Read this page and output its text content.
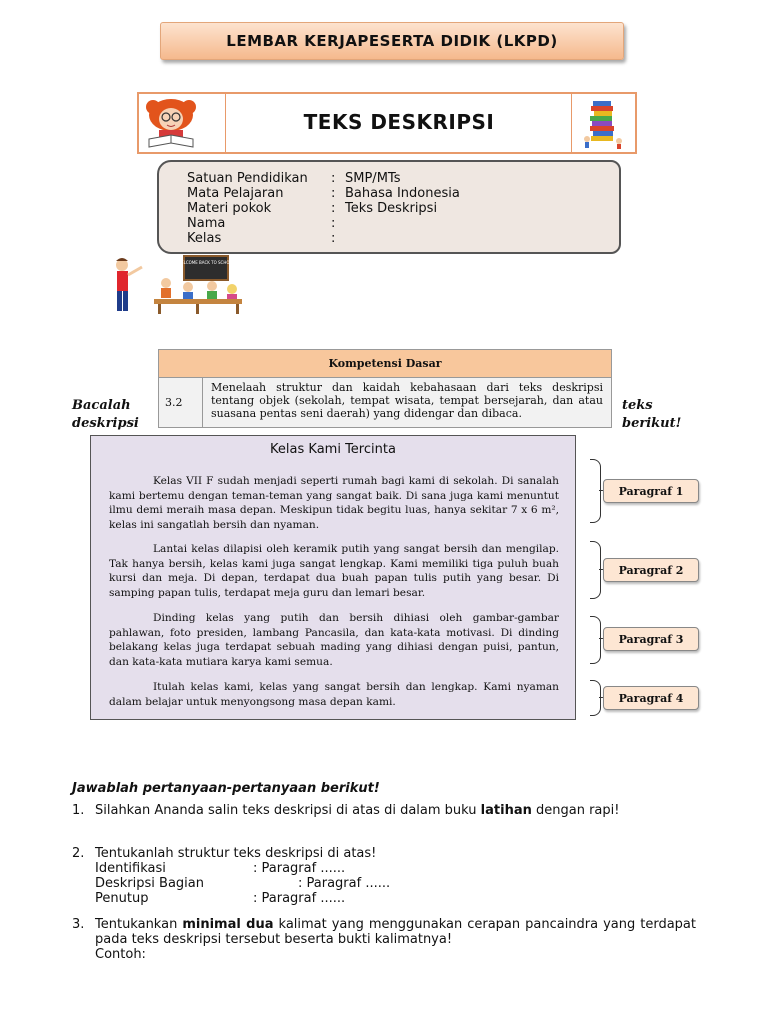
LEMBAR KERJAPESERTA DIDIK (LKPD)
TEKS DESKRIPSI
Satuan Pendidikan : SMP/MTs
Mata Pelajaran	: Bahasa Indonesia
Materi pokok	: Teks Deskripsi
Nama	:
Kelas	:
WELCOME BACK TO SCHOOL
Kompetensi Dasar
3.2
Menelaah struktur dan kaidah kebahasaan dari teks deskripsi tentang objek (sekolah, tempat wisata, tempat bersejarah, dan atau suasana pentas seni daerah) yang didengar dan dibaca.
Bacalah
deskripsi
teks
berikut!
Kelas Kami Tercinta
Kelas VII F sudah menjadi seperti rumah bagi kami di sekolah. Di sanalah kami bertemu dengan teman-teman yang sangat baik. Di sana juga kami menuntut ilmu demi meraih masa depan. Meskipun tidak begitu luas, hanya sekitar 7 x 6 m², kelas ini sangatlah bersih dan nyaman.
Lantai kelas dilapisi oleh keramik putih yang sangat bersih dan mengilap. Tak hanya bersih, kelas kami juga sangat lengkap. Kami memiliki tiga puluh buah kursi dan meja. Di depan, terdapat dua buah papan tulis putih yang besar. Di samping papan tulis, terdapat meja guru dan lemari besar.
Dinding kelas yang putih dan bersih dihiasi oleh gambar-gambar pahlawan, foto presiden, lambang Pancasila, dan kata-kata motivasi. Di dinding belakang kelas juga terdapat sebuah mading yang dihiasi dengan puisi, pantun, dan kata-kata mutiara karya kami semua.
Itulah kelas kami, kelas yang sangat bersih dan lengkap. Kami nyaman dalam belajar untuk menyongsong masa depan kami.
Paragraf 1
Paragraf 2
Paragraf 3
Paragraf 4
Jawablah pertanyaan-pertanyaan berikut!
1. Silahkan Ananda salin teks deskripsi di atas di dalam buku latihan dengan rapi!
2. Tentukanlah struktur teks deskripsi di atas!
Identifikasi	: Paragraf ......
Deskripsi Bagian	: Paragraf ......
Penutup	: Paragraf ......
3. Tentukankan minimal dua kalimat yang menggunakan cerapan pancaindra yang terdapat pada teks deskripsi tersebut beserta bukti kalimatnya!
Contoh:
